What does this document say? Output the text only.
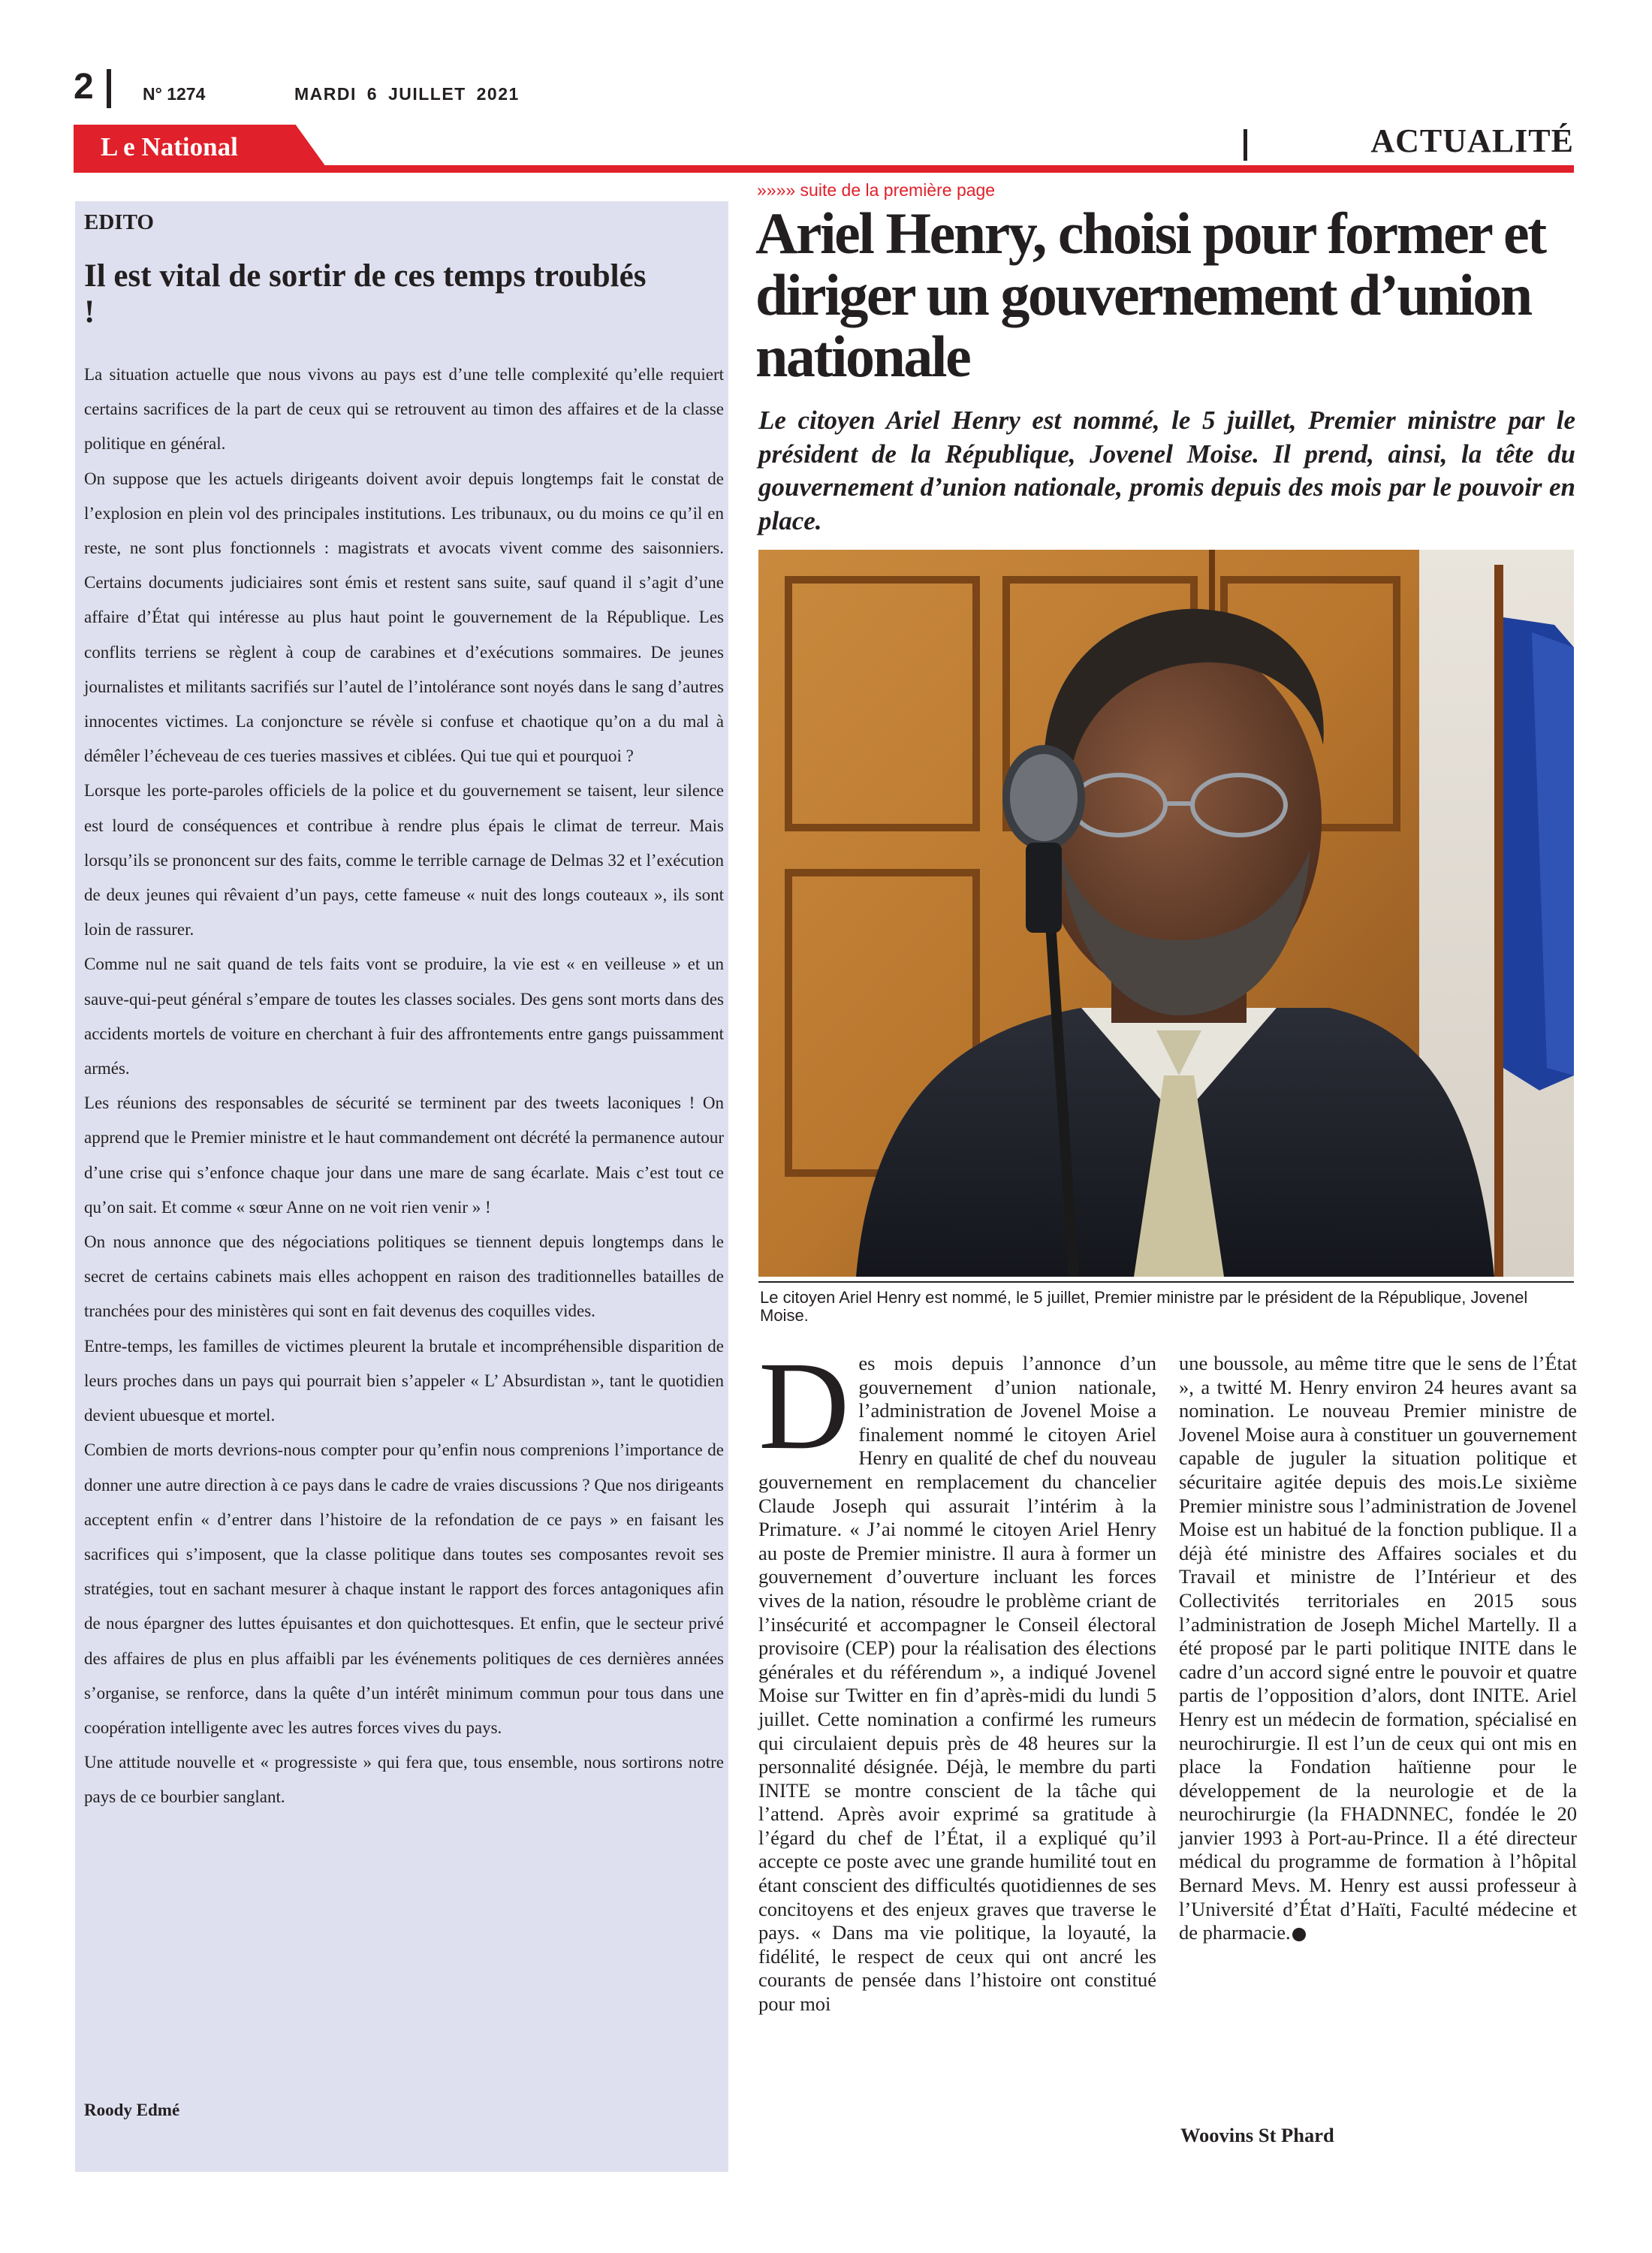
2	N° 1274	MARDI 6 JUILLET 2021
L e National	ACTUALITÉ
EDITO
Il est vital de sortir de ces temps troublés !

La situation actuelle que nous vivons au pays est d’une telle complexité qu’elle requiert certains sacrifices de la part de ceux qui se retrouvent au timon des affaires et de la classe politique en général.

On suppose que les actuels dirigeants doivent avoir depuis longtemps fait le constat de l’explosion en plein vol des principales institutions. Les tribunaux, ou du moins ce qu’il en reste, ne sont plus fonctionnels : magistrats et avocats vivent comme des saisonniers. Certains documents judiciaires sont émis et restent sans suite, sauf quand il s’agit d’une affaire d’État qui intéresse au plus haut point le gouvernement de la République. Les conflits terriens se règlent à coup de carabines et d’exécutions sommaires. De jeunes journalistes et militants sacrifiés sur l’autel de l’intolérance sont noyés dans le sang d’autres innocentes victimes. La conjoncture se révèle si confuse et chaotique qu’on a du mal à démêler l’écheveau de ces tueries massives et ciblées. Qui tue qui et pourquoi ?

Lorsque les porte-paroles officiels de la police et du gouvernement se taisent, leur silence est lourd de conséquences et contribue à rendre plus épais le climat de terreur. Mais lorsqu’ils se prononcent sur des faits, comme le terrible carnage de Delmas 32 et l’exécution de deux jeunes qui rêvaient d’un pays, cette fameuse « nuit des longs couteaux », ils sont loin de rassurer.

Comme nul ne sait quand de tels faits vont se produire, la vie est « en veilleuse » et un sauve-qui-peut général s’empare de toutes les classes sociales. Des gens sont morts dans des accidents mortels de voiture en cherchant à fuir des affrontements entre gangs puissamment armés.

Les réunions des responsables de sécurité se terminent par des tweets laconiques ! On apprend que le Premier ministre et le haut commandement ont décrété la permanence autour d’une crise qui s’enfonce chaque jour dans une mare de sang écarlate. Mais c’est tout ce qu’on sait. Et comme « sœur Anne on ne voit rien venir » !

On nous annonce que des négociations politiques se tiennent depuis longtemps dans le secret de certains cabinets mais elles achoppent en raison des traditionnelles batailles de tranchées pour des ministères qui sont en fait devenus des coquilles vides.

Entre-temps, les familles de victimes pleurent la brutale et incompréhensible disparition de leurs proches dans un pays qui pourrait bien s’appeler « L’ Absurdistan », tant le quotidien devient ubuesque et mortel.

Combien de morts devrions-nous compter pour qu’enfin nous comprenions l’importance de donner une autre direction à ce pays dans le cadre de vraies discussions ? Que nos dirigeants acceptent enfin « d’entrer dans l’histoire de la refondation de ce pays » en faisant les sacrifices qui s’imposent, que la classe politique dans toutes ses composantes revoit ses stratégies, tout en sachant mesurer à chaque instant le rapport des forces antagoniques afin de nous épargner des luttes épuisantes et don quichottesques. Et enfin, que le secteur privé des affaires de plus en plus affaibli par les événements politiques de ces dernières années s’organise, se renforce, dans la quête d’un intérêt minimum commun pour tous dans une coopération intelligente avec les autres forces vives du pays.

Une attitude nouvelle et « progressiste » qui fera que, tous ensemble, nous sortirons notre pays de ce bourbier sanglant.

Roody Edmé
»»»» suite de la première page
Ariel Henry, choisi pour former et diriger un gouvernement d’union nationale

Le citoyen Ariel Henry est nommé, le 5 juillet, Premier ministre par le président de la République, Jovenel Moise. Il prend, ainsi, la tête du gouvernement d’union nationale, promis depuis des mois par le pouvoir en place.

Le citoyen Ariel Henry est nommé, le 5 juillet, Premier ministre par le président de la République, Jovenel Moise.
Des mois depuis l’annonce d’un gouvernement d’union nationale, l’administration de Jovenel Moise a finalement nommé le citoyen Ariel Henry en qualité de chef du nouveau gouvernement en remplacement du chancelier Claude Joseph qui assurait l’intérim à la Primature. « J’ai nommé le citoyen Ariel Henry au poste de Premier ministre. Il aura à former un gouvernement d’ouverture incluant les forces vives de la nation, résoudre le problème criant de l’insécurité et accompagner le Conseil électoral provisoire (CEP) pour la réalisation des élections générales et du référendum », a indiqué Jovenel Moise sur Twitter en fin d’après-midi du lundi 5 juillet. Cette nomination a confirmé les rumeurs qui circulaient depuis près de 48 heures sur la personnalité désignée. Déjà, le membre du parti INITE se montre conscient de la tâche qui l’attend. Après avoir exprimé sa gratitude à l’égard du chef de l’État, il a expliqué qu’il accepte ce poste avec une grande humilité tout en étant conscient des difficultés quotidiennes de ses concitoyens et des enjeux graves que traverse le pays. « Dans ma vie politique, la loyauté, la fidélité, le respect de ceux qui ont ancré les courants de pensée dans l’histoire ont constitué pour moi
une boussole, au même titre que le sens de l’État », a twitté M. Henry environ 24 heures avant sa nomination. Le nouveau Premier ministre de Jovenel Moise aura à constituer un gouvernement capable de juguler la situation politique et sécuritaire agitée depuis des mois.Le sixième Premier ministre sous l’administration de Jovenel Moise est un habitué de la fonction publique. Il a déjà été ministre des Affaires sociales et du Travail et ministre de l’Intérieur et des Collectivités territoriales en 2015 sous l’administration de Joseph Michel Martelly. Il a été proposé par le parti politique INITE dans le cadre d’un accord signé entre le pouvoir et quatre partis de l’opposition d’alors, dont INITE. Ariel Henry est un médecin de formation, spécialisé en neurochirurgie. Il est l’un de ceux qui ont mis en place la Fondation haïtienne pour le développement de la neurologie et de la neurochirurgie (la FHADNNEC, fondée le 20 janvier 1993 à Port-au-Prince. Il a été directeur médical du programme de formation à l’hôpital Bernard Mevs. M. Henry est aussi professeur à l’Université d’État d’Haïti, Faculté médecine et de pharmacie.
Woovins St Phard
